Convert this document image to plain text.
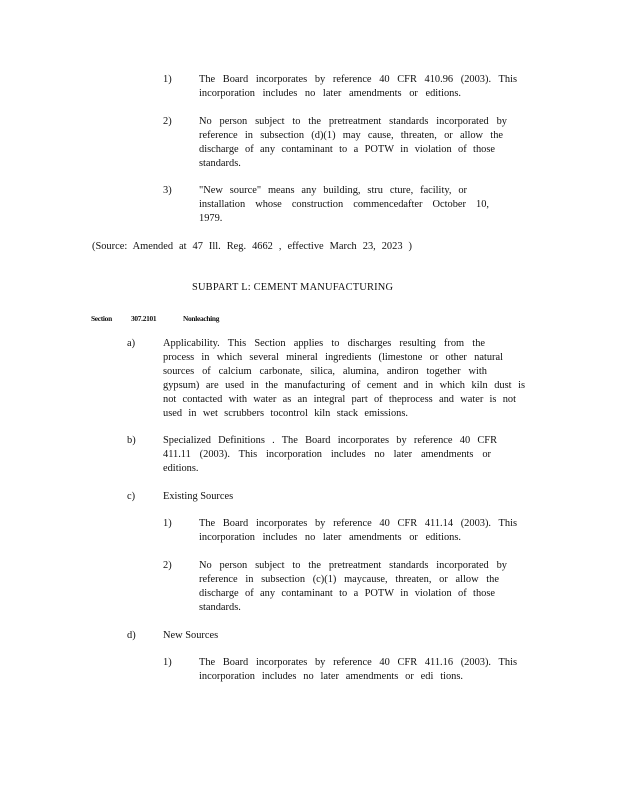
1)	The Board incorporates by reference 40 CFR 410.96 (2003). This
incorporation includes no later amendments or editions.
2)	No person subject to the pretreatment standards incorporated by
reference in subsection (d)(1) may cause, threaten, or allow the
discharge of any contaminant to a POTW in violation of those
standards.
3)	"New source" means any building, stru cture, facility, or
installation whose construction commencedafter October 10,
1979.
(Source: Amended at 47 Ill. Reg. 4662 , effective March 23, 2023 )
SUBPART L: CEMENT MANUFACTURING
Section	307.2101	Nonleaching
a)	Applicability. This Section applies to discharges resulting from the
process in which several mineral ingredients (limestone or other natural
sources of calcium carbonate, silica, alumina, andiron together with
gypsum) are used in the manufacturing of cement and in which kiln dust is
not contacted with water as an integral part of theprocess and water is not
used in wet scrubbers tocontrol kiln stack emissions.
b)	Specialized Definitions . The Board incorporates by reference 40 CFR
411.11 (2003). This incorporation includes no later amendments or
editions.
c)	Existing Sources
1)	The Board incorporates by reference 40 CFR 411.14 (2003). This
incorporation includes no later amendments or editions.
2)	No person subject to the pretreatment standards incorporated by
reference in subsection (c)(1) maycause, threaten, or allow the
discharge of any contaminant to a POTW in violation of those
standards.
d)	New Sources
1)	The Board incorporates by reference 40 CFR 411.16 (2003). This
incorporation includes no later amendments or edi tions.
